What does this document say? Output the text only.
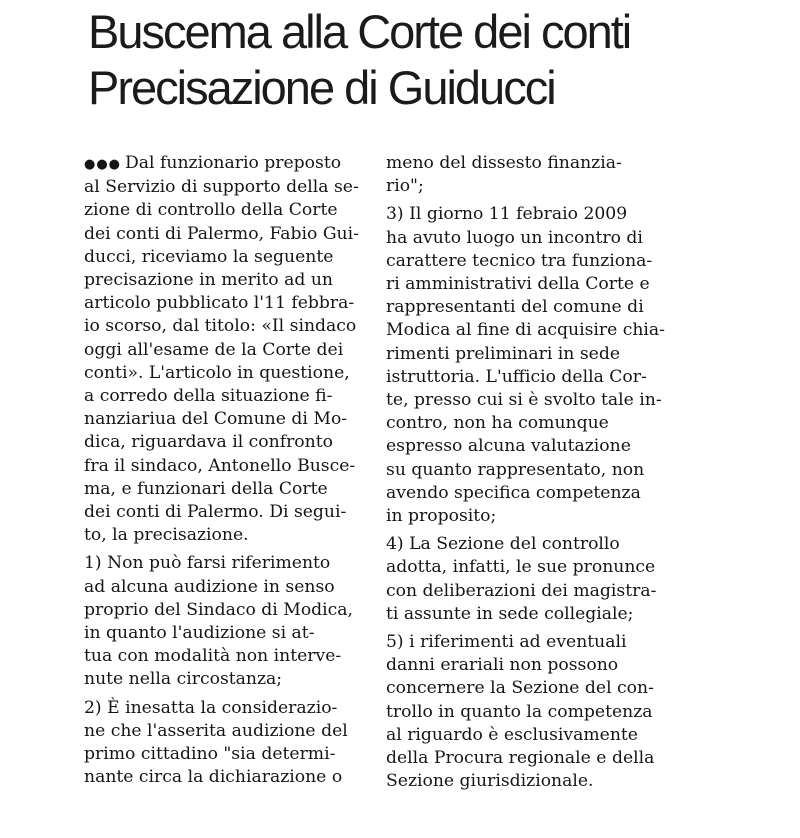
Buscema alla Corte dei conti
Precisazione di Guiducci

●●● Dal funzionario preposto
al Servizio di supporto della se-
zione di controllo della Corte
dei conti di Palermo, Fabio Gui-
ducci, riceviamo la seguente
precisazione in merito ad un
articolo pubblicato l'11 febbra-
io scorso, dal titolo: «Il sindaco
oggi all'esame de la Corte dei
conti». L'articolo in questione,
a corredo della situazione fi-
nanziariua del Comune di Mo-
dica, riguardava il confronto
fra il sindaco, Antonello Busce-
ma, e funzionari della Corte
dei conti di Palermo. Di segui-
to, la precisazione.

1) Non può farsi riferimento
ad alcuna audizione in senso
proprio del Sindaco di Modica,
in quanto l'audizione si at-
tua con modalità non interve-
nute nella circostanza;

2) È inesatta la considerazio-
ne che l'asserita audizione del
primo cittadino "sia determi-
nante circa la dichiarazione o

meno del dissesto finanzia-
rio";

3) Il giorno 11 febraio 2009
ha avuto luogo un incontro di
carattere tecnico tra funziona-
ri amministrativi della Corte e
rappresentanti del comune di
Modica al fine di acquisire chia-
rimenti preliminari in sede
istruttoria. L'ufficio della Cor-
te, presso cui si è svolto tale in-
contro, non ha comunque
espresso alcuna valutazione
su quanto rappresentato, non
avendo specifica competenza
in proposito;

4) La Sezione del controllo
adotta, infatti, le sue pronunce
con deliberazioni dei magistra-
ti assunte in sede collegiale;

5) i riferimenti ad eventuali
danni erariali non possono
concernere la Sezione del con-
trollo in quanto la competenza
al riguardo è esclusivamente
della Procura regionale e della
Sezione giurisdizionale.
